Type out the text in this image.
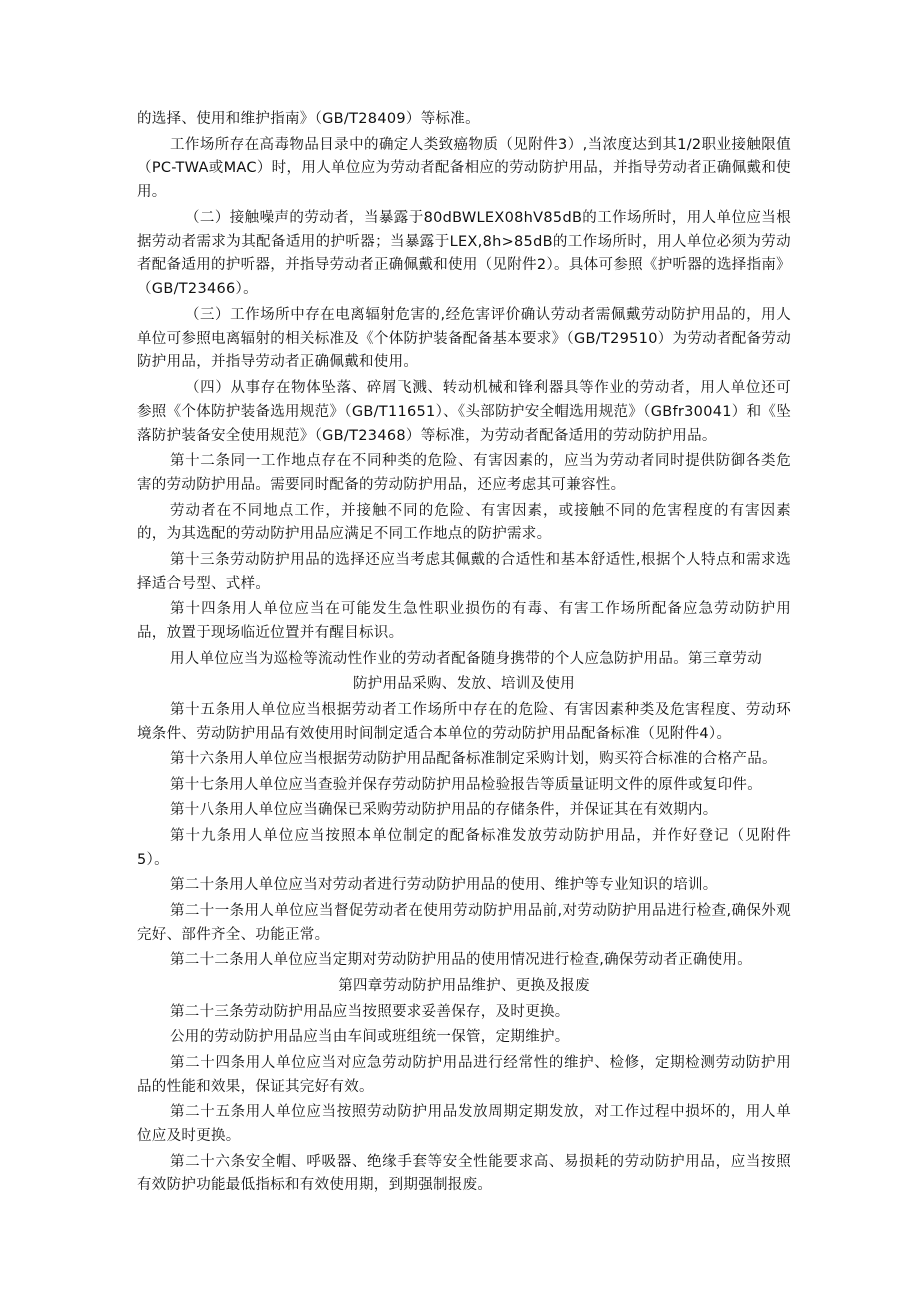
的选择、使用和维护指南》（GB/T28409）等标准。

工作场所存在高毒物品目录中的确定人类致癌物质（见附件3）,当浓度达到其1/2职业接触限值（PC-TWA或MAC）时，用人单位应为劳动者配备相应的劳动防护用品，并指导劳动者正确佩戴和使用。

（二）接触噪声的劳动者，当暴露于80dBWLEX08hV85dB的工作场所时，用人单位应当根据劳动者需求为其配备适用的护听器；当暴露于LEX,8h>85dB的工作场所时，用人单位必须为劳动者配备适用的护听器，并指导劳动者正确佩戴和使用（见附件2）。具体可参照《护听器的选择指南》（GB/T23466）。

（三）工作场所中存在电离辐射危害的,经危害评价确认劳动者需佩戴劳动防护用品的，用人单位可参照电离辐射的相关标准及《个体防护装备配备基本要求》（GB/T29510）为劳动者配备劳动防护用品，并指导劳动者正确佩戴和使用。

（四）从事存在物体坠落、碎屑飞溅、转动机械和锋利器具等作业的劳动者，用人单位还可参照《个体防护装备选用规范》（GB/T11651）、《头部防护安全帽选用规范》（GBfr30041）和《坠落防护装备安全使用规范》（GB/T23468）等标准，为劳动者配备适用的劳动防护用品。

第十二条同一工作地点存在不同种类的危险、有害因素的，应当为劳动者同时提供防御各类危害的劳动防护用品。需要同时配备的劳动防护用品，还应考虑其可兼容性。

劳动者在不同地点工作，并接触不同的危险、有害因素，或接触不同的危害程度的有害因素的，为其选配的劳动防护用品应满足不同工作地点的防护需求。

第十三条劳动防护用品的选择还应当考虑其佩戴的合适性和基本舒适性,根据个人特点和需求选择适合号型、式样。

第十四条用人单位应当在可能发生急性职业损伤的有毒、有害工作场所配备应急劳动防护用品，放置于现场临近位置并有醒目标识。

用人单位应当为巡检等流动性作业的劳动者配备随身携带的个人应急防护用品。第三章劳动

防护用品采购、发放、培训及使用

第十五条用人单位应当根据劳动者工作场所中存在的危险、有害因素种类及危害程度、劳动环境条件、劳动防护用品有效使用时间制定适合本单位的劳动防护用品配备标准（见附件4）。

第十六条用人单位应当根据劳动防护用品配备标准制定采购计划，购买符合标准的合格产品。

第十七条用人单位应当查验并保存劳动防护用品检验报告等质量证明文件的原件或复印件。

第十八条用人单位应当确保已采购劳动防护用品的存储条件，并保证其在有效期内。

第十九条用人单位应当按照本单位制定的配备标准发放劳动防护用品，并作好登记（见附件5）。

第二十条用人单位应当对劳动者进行劳动防护用品的使用、维护等专业知识的培训。

第二十一条用人单位应当督促劳动者在使用劳动防护用品前,对劳动防护用品进行检查,确保外观完好、部件齐全、功能正常。

第二十二条用人单位应当定期对劳动防护用品的使用情况进行检查,确保劳动者正确使用。

第四章劳动防护用品维护、更换及报废

第二十三条劳动防护用品应当按照要求妥善保存，及时更换。

公用的劳动防护用品应当由车间或班组统一保管，定期维护。

第二十四条用人单位应当对应急劳动防护用品进行经常性的维护、检修，定期检测劳动防护用品的性能和效果，保证其完好有效。

第二十五条用人单位应当按照劳动防护用品发放周期定期发放，对工作过程中损坏的，用人单位应及时更换。

第二十六条安全帽、呼吸器、绝缘手套等安全性能要求高、易损耗的劳动防护用品，应当按照有效防护功能最低指标和有效使用期，到期强制报废。
